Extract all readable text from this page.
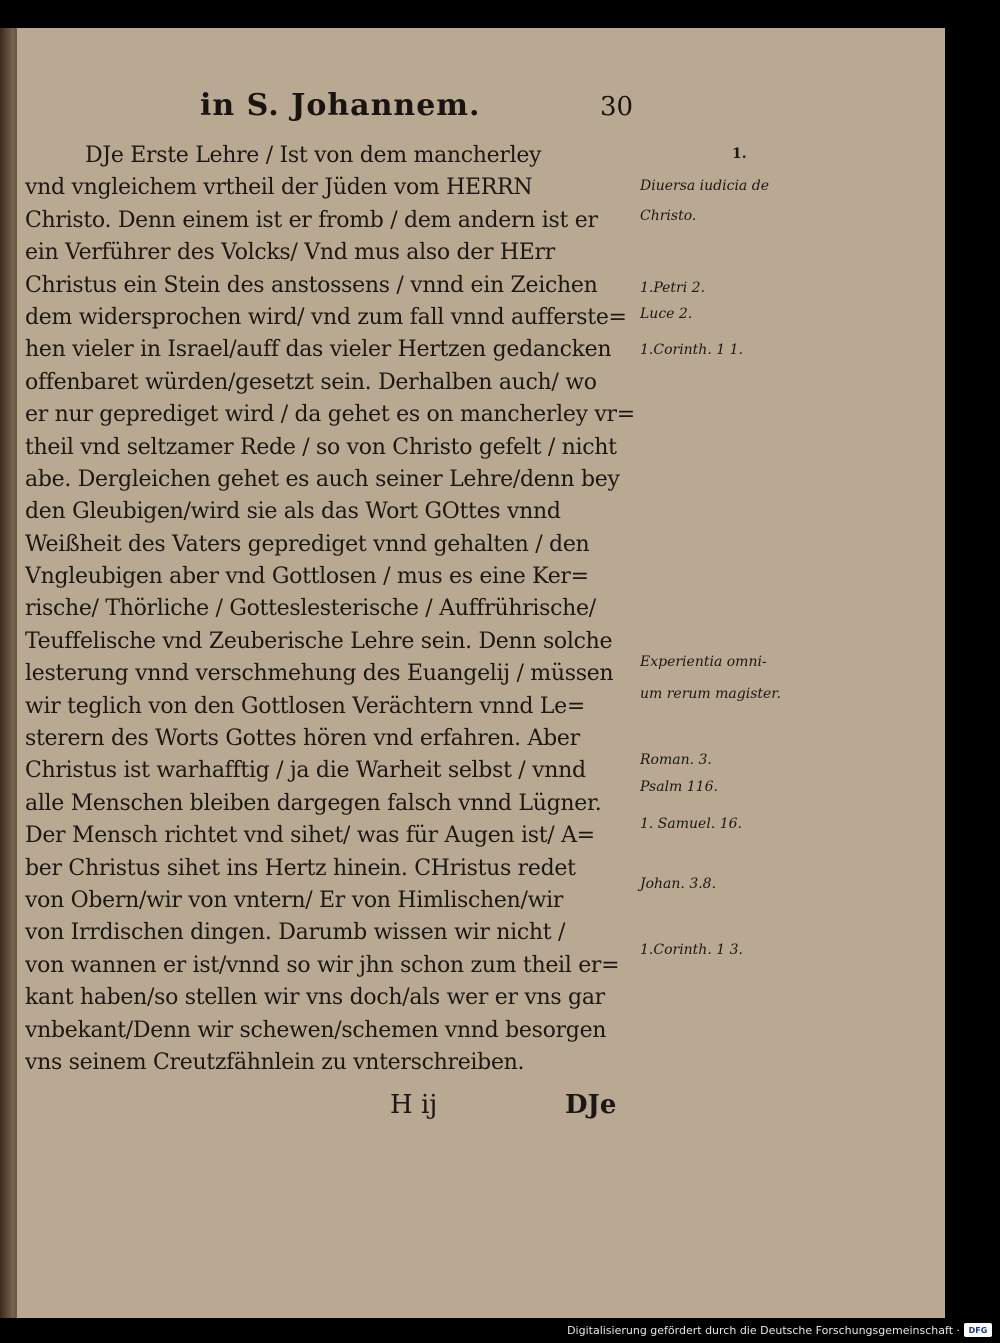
in S. Johannem.	30
DJe Erste Lehre / Ist von dem mancherley
vnd vngleichem vrtheil der Jüden vom HERRN
Christo. Denn einem ist er fromb / dem andern ist er
ein Verführer des Volcks/ Vnd mus also der HErr
Christus ein Stein des anstossens / vnnd ein Zeichen
dem widersprochen wird/ vnd zum fall vnnd aufferste=
hen vieler in Israel/auff das vieler Hertzen gedancken
offenbaret würden/gesetzt sein. Derhalben auch/ wo
er nur geprediget wird / da gehet es on mancherley vr=
theil vnd seltzamer Rede / so von Christo gefelt / nicht
abe. Dergleichen gehet es auch seiner Lehre/denn bey
den Gleubigen/wird sie als das Wort GOttes vnnd
Weißheit des Vaters geprediget vnnd gehalten / den
Vngleubigen aber vnd Gottlosen / mus es eine Ker=
rische/ Thörliche / Gotteslesterische / Auffrührische/
Teuffelische vnd Zeuberische Lehre sein. Denn solche
lesterung vnnd verschmehung des Euangelij / müssen
wir teglich von den Gottlosen Verächtern vnnd Le=
sterern des Worts Gottes hören vnd erfahren. Aber
Christus ist warhafftig / ja die Warheit selbst / vnnd
alle Menschen bleiben dargegen falsch vnnd Lügner.
Der Mensch richtet vnd sihet/ was für Augen ist/ A=
ber Christus sihet ins Hertz hinein. CHristus redet
von Obern/wir von vntern/ Er von Himlischen/wir
von Irrdischen dingen. Darumb wissen wir nicht /
von wannen er ist/vnnd so wir jhn schon zum theil er=
kant haben/so stellen wir vns doch/als wer er vns gar
vnbekant/Denn wir schewen/schemen vnnd besorgen
vns seinem Creutzfähnlein zu vnterschreiben.
1.
Diuersa iudicia de
Christo.
1.Petri 2.
Luce 2.
1.Corinth. 1 1.
Experientia omni-
um rerum magister.
Roman. 3.
Psalm 116.
1. Samuel. 16.
Johan. 3.8.
1.Corinth. 1 3.
H ij	DJe
Digitalisierung gefördert durch die Deutsche Forschungsgemeinschaft · DFG
